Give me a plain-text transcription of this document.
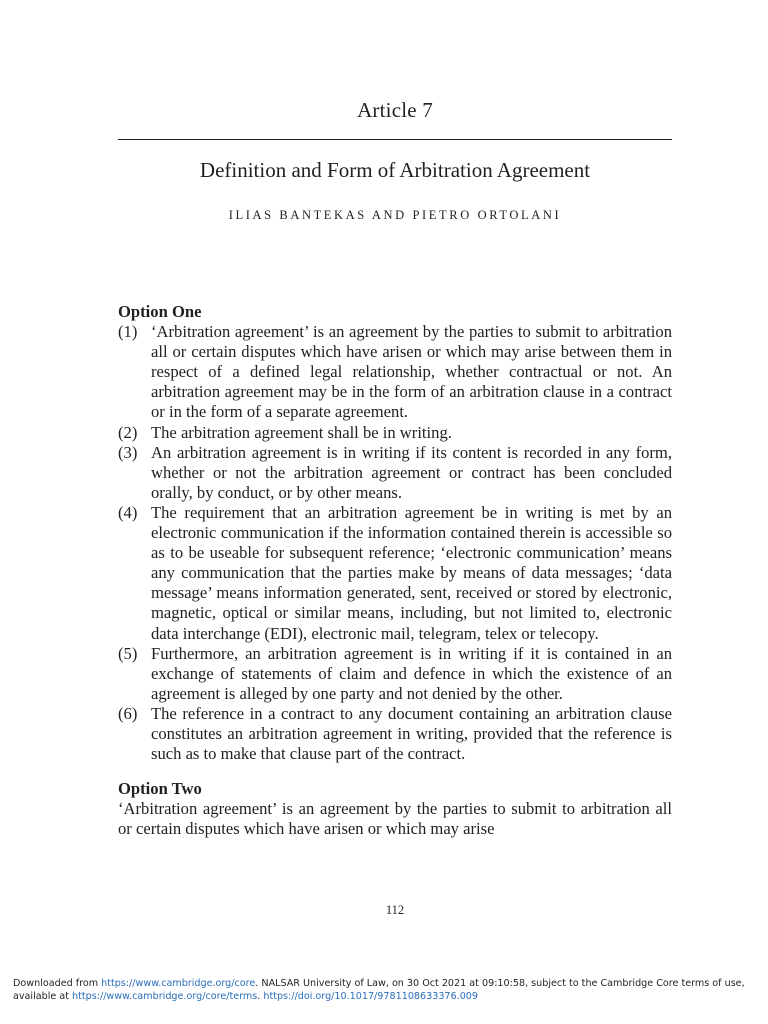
Article 7
Definition and Form of Arbitration Agreement
ILIAS BANTEKAS AND PIETRO ORTOLANI

Option One

(1) ‘Arbitration agreement’ is an agreement by the parties to submit to arbitration all or certain disputes which have arisen or which may arise between them in respect of a defined legal relationship, whether contractual or not. An arbitration agreement may be in the form of an arbitration clause in a contract or in the form of a separate agreement.
(2) The arbitration agreement shall be in writing.
(3) An arbitration agreement is in writing if its content is recorded in any form, whether or not the arbitration agreement or contract has been concluded orally, by conduct, or by other means.
(4) The requirement that an arbitration agreement be in writing is met by an electronic communication if the information contained therein is accessible so as to be useable for subsequent reference; ‘electronic communication’ means any communication that the parties make by means of data messages; ‘data message’ means information generated, sent, received or stored by electronic, magnetic, optical or similar means, including, but not limited to, electronic data interchange (EDI), electronic mail, telegram, telex or telecopy.
(5) Furthermore, an arbitration agreement is in writing if it is contained in an exchange of statements of claim and defence in which the existence of an agreement is alleged by one party and not denied by the other.
(6) The reference in a contract to any document containing an arbitration clause constitutes an arbitration agreement in writing, provided that the reference is such as to make that clause part of the contract.

Option Two

‘Arbitration agreement’ is an agreement by the parties to submit to arbitration all or certain disputes which have arisen or which may arise

112
Downloaded from https://www.cambridge.org/core. NALSAR University of Law, on 30 Oct 2021 at 09:10:58, subject to the Cambridge Core terms of use, available at https://www.cambridge.org/core/terms. https://doi.org/10.1017/9781108633376.009
